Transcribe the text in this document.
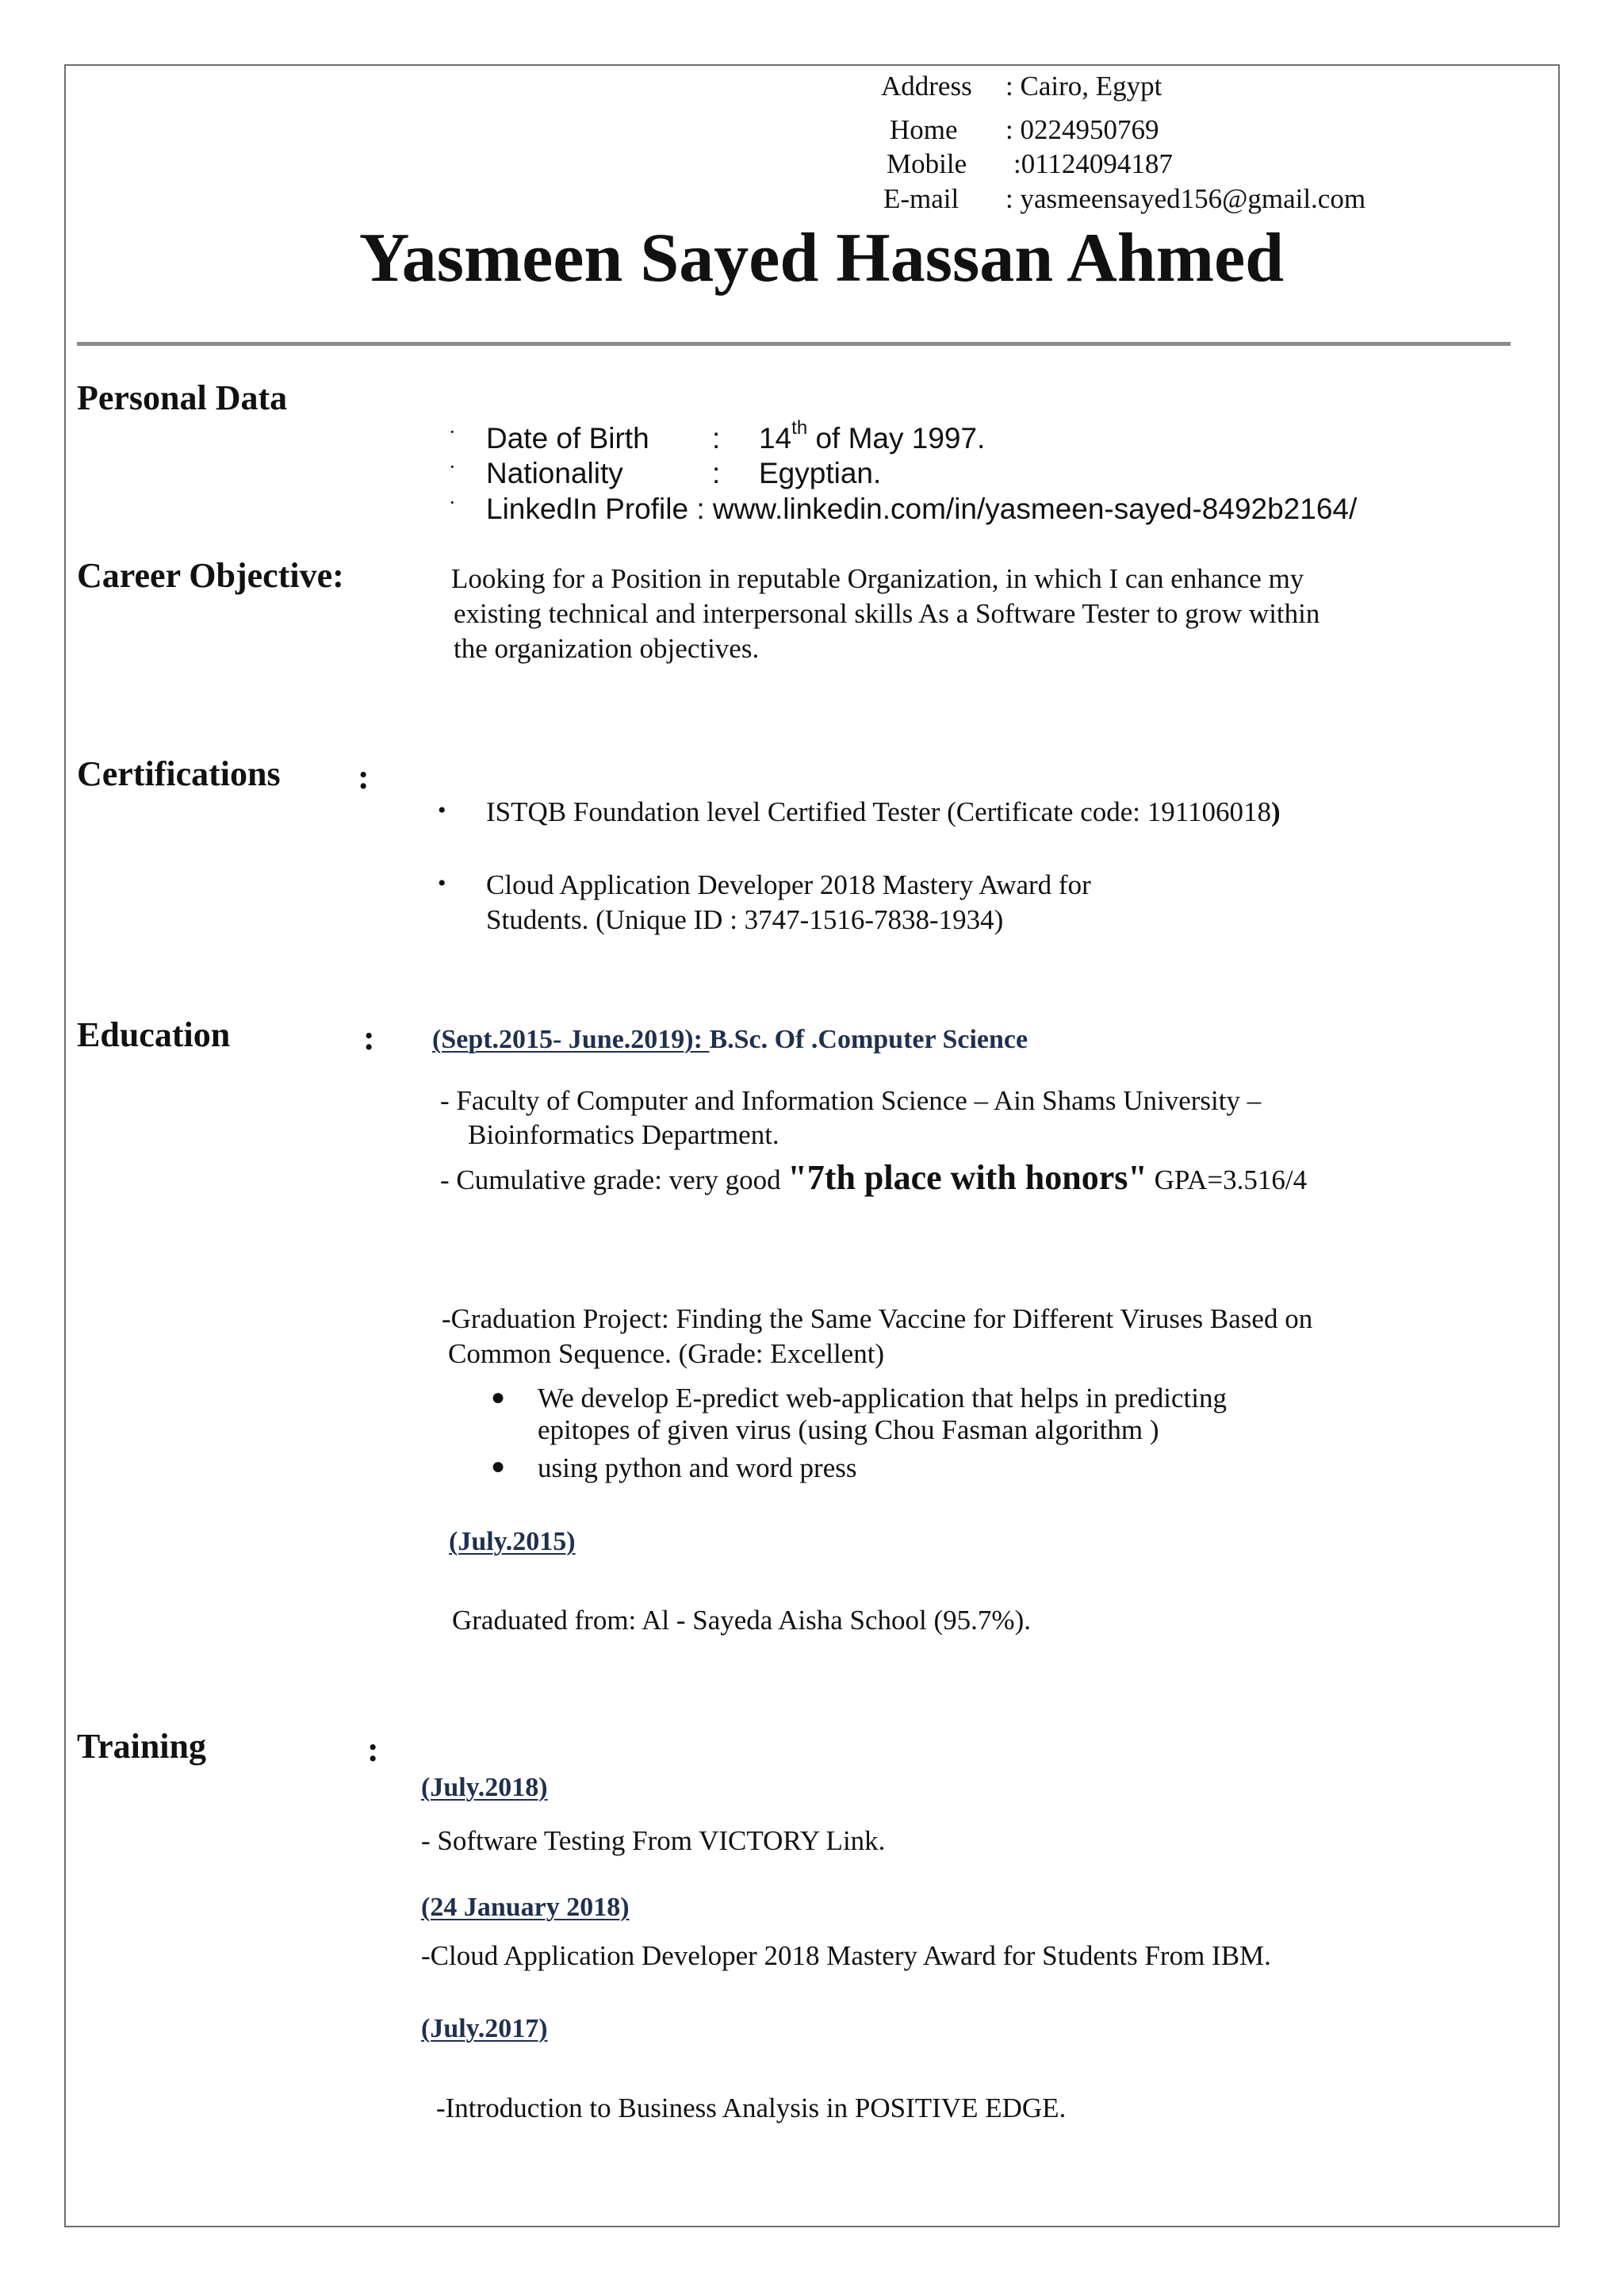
Address : Cairo, Egypt
Home : 0224950769
Mobile :01124094187
E-mail : yasmeensayed156@gmail.com
Yasmeen Sayed Hassan Ahmed
Personal Data
· Date of Birth : 14th of May 1997.
· Nationality	: Egyptian.
· LinkedIn Profile : www.linkedin.com/in/yasmeen-sayed-8492b2164/
Career Objective:	Looking for a Position in reputable Organization, in which I can enhance my
existing technical and interpersonal skills As a Software Tester to grow within
the organization objectives.
Certifications :
• ISTQB Foundation level Certified Tester (Certificate code: 191106018)
• Cloud Application Developer 2018 Mastery Award for
Students. (Unique ID : 3747-1516-7838-1934)
Education	: (Sept.2015- June.2019): B.Sc. Of .Computer Science
- Faculty of Computer and Information Science – Ain Shams University –
Bioinformatics Department.
- Cumulative grade: very good "7th place with honors" GPA=3.516/4
-Graduation Project: Finding the Same Vaccine for Different Viruses Based on
Common Sequence. (Grade: Excellent)
● We develop E-predict web-application that helps in predicting
epitopes of given virus (using Chou Fasman algorithm )
● using python and word press
(July.2015)
Graduated from: Al - Sayeda Aisha School (95.7%).
Training	:
(July.2018)
- Software Testing From VICTORY Link.
(24 January 2018)
-Cloud Application Developer 2018 Mastery Award for Students From IBM.
(July.2017)
-Introduction to Business Analysis in POSITIVE EDGE.
